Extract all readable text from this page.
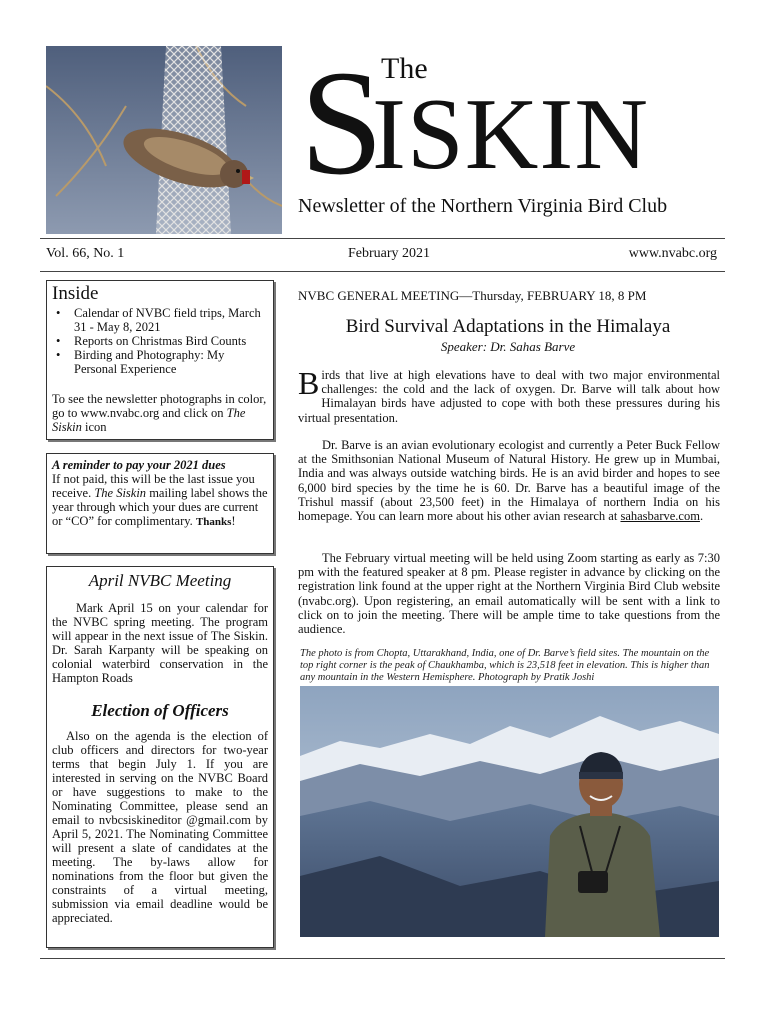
S The
ISKIN
Newsletter of the Northern Virginia Bird Club
Vol. 66, No. 1	February 2021	www.nvabc.org
Inside
• Calendar of NVBC field trips, March 31 - May 8, 2021
• Reports on Christmas Bird Counts
• Birding and Photography: My Personal Experience
To see the newsletter photographs in color, go to www.nvabc.org and click on The Siskin icon
A reminder to pay your 2021 dues
If not paid, this will be the last issue you receive. The Siskin mailing label shows the year through which your dues are current or “CO” for complimentary. Thanks!
April NVBC Meeting

Mark April 15 on your calendar for the NVBC spring meeting. The program will appear in the next issue of The Siskin. Dr. Sarah Karpanty will be speaking on colonial waterbird conservation in the Hampton Roads

Election of Officers

Also on the agenda is the election of club officers and directors for two-year terms that begin July 1. If you are interested in serving on the NVBC Board or have suggestions to make to the Nominating Committee, please send an email to nvbcsiskineditor @gmail.com by April 5, 2021. The Nominating Committee will present a slate of candidates at the meeting. The by-laws allow for nominations from the floor but given the constraints of a virtual meeting, submission via email deadline would be appreciated.

NVBC GENERAL MEETING—Thursday, FEBRUARY 18, 8 PM
Bird Survival Adaptations in the Himalaya
Speaker: Dr. Sahas Barve

Birds that live at high elevations have to deal with two major environmental challenges: the cold and the lack of oxygen. Dr. Barve will talk about how Himalayan birds have adjusted to cope with both these pressures during his virtual presentation.

Dr. Barve is an avian evolutionary ecologist and currently a Peter Buck Fellow at the Smithsonian National Museum of Natural History. He grew up in Mumbai, India and was always outside watching birds. He is an avid birder and hopes to see 6,000 bird species by the time he is 60. Dr. Barve has a beautiful image of the Trishul massif (about 23,500 feet) in the Himalaya of northern India on his homepage. You can learn more about his other avian research at sahasbarve.com.

The February virtual meeting will be held using Zoom starting as early as 7:30 pm with the featured speaker at 8 pm. Please register in advance by clicking on the registration link found at the upper right at the Northern Virginia Bird Club website (nvabc.org). Upon registering, an email automatically will be sent with a link to click on to join the meeting. There will be ample time to take questions from the audience.

The photo is from Chopta, Uttarakhand, India, one of Dr. Barve’s field sites. The mountain on the top right corner is the peak of Chaukhamba, which is 23,518 feet in elevation. This is higher than any mountain in the Western Hemisphere. Photograph by Pratik Joshi
